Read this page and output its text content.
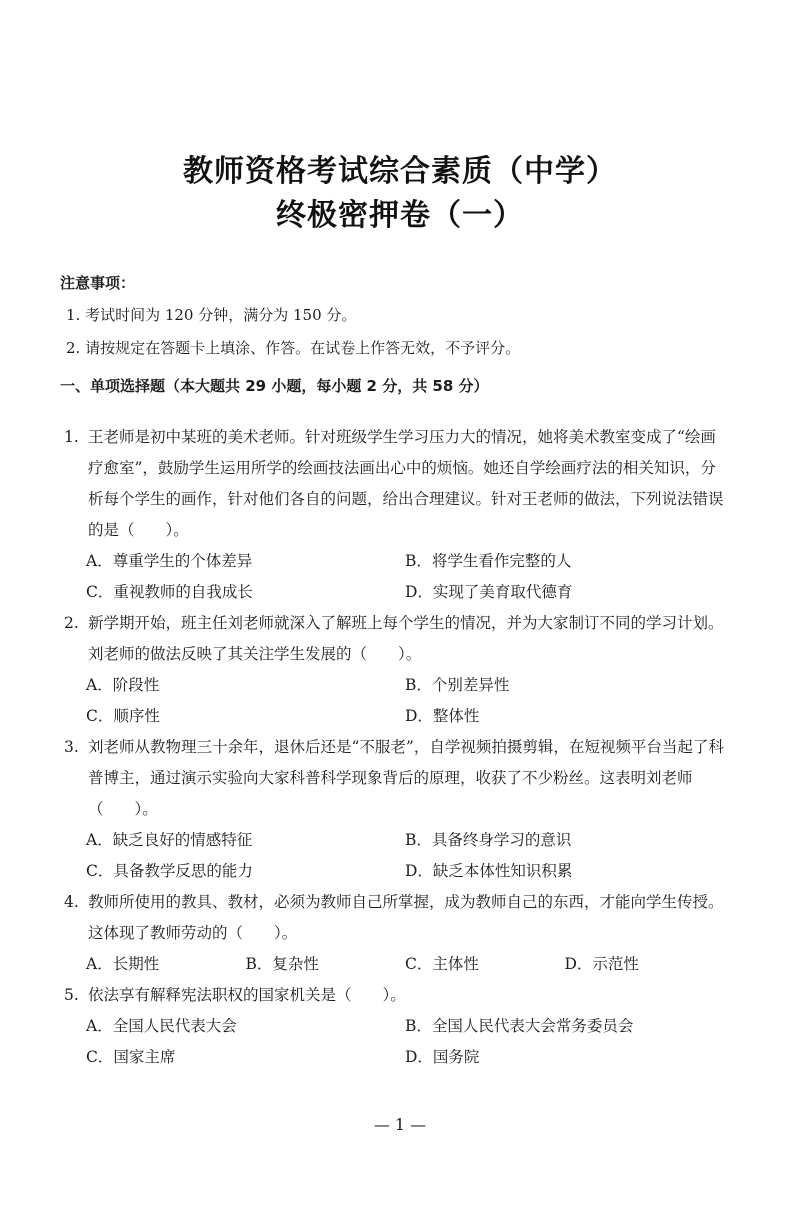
教师资格考试综合素质（中学）
终极密押卷（一）
注意事项：
1. 考试时间为 120 分钟，满分为 150 分。
2. 请按规定在答题卡上填涂、作答。在试卷上作答无效，不予评分。
一、单项选择题（本大题共 29 小题，每小题 2 分，共 58 分）
1. 王老师是初中某班的美术老师。针对班级学生学习压力大的情况，她将美术教室变成了“绘画疗愈室”，鼓励学生运用所学的绘画技法画出心中的烦恼。她还自学绘画疗法的相关知识，分析每个学生的画作，针对他们各自的问题，给出合理建议。针对王老师的做法，下列说法错误的是（　　）。
A．尊重学生的个体差异	B．将学生看作完整的人
C．重视教师的自我成长	D．实现了美育取代德育
2. 新学期开始，班主任刘老师就深入了解班上每个学生的情况，并为大家制订不同的学习计划。刘老师的做法反映了其关注学生发展的（　　）。
A．阶段性	B．个别差异性
C．顺序性	D．整体性
3. 刘老师从教物理三十余年，退休后还是“不服老”，自学视频拍摄剪辑，在短视频平台当起了科普博主，通过演示实验向大家科普科学现象背后的原理，收获了不少粉丝。这表明刘老师（　　）。
A．缺乏良好的情感特征	B．具备终身学习的意识
C．具备教学反思的能力	D．缺乏本体性知识积累
4. 教师所使用的教具、教材，必须为教师自己所掌握，成为教师自己的东西，才能向学生传授。这体现了教师劳动的（　　）。
A．长期性	B．复杂性	C．主体性	D．示范性
5. 依法享有解释宪法职权的国家机关是（　　）。
A．全国人民代表大会	B．全国人民代表大会常务委员会
C．国家主席	D．国务院
— 1 —
